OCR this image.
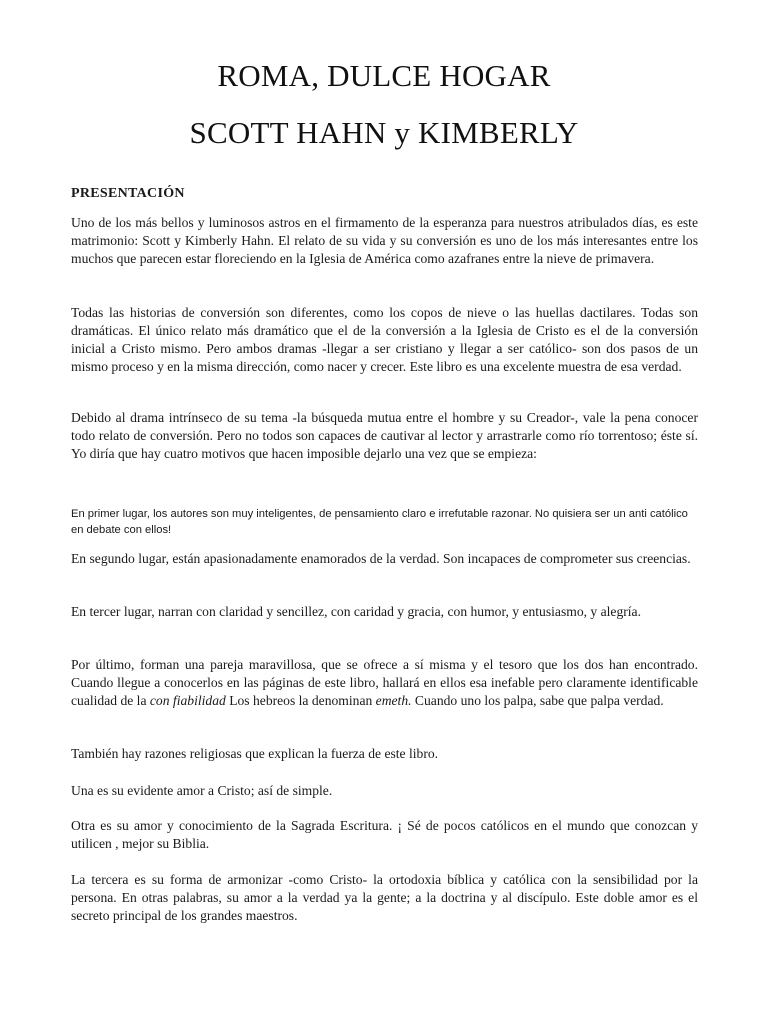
ROMA, DULCE HOGAR
SCOTT HAHN y KIMBERLY
PRESENTACIÓN

Uno de los más bellos y luminosos astros en el firmamento de la esperanza para nuestros atribulados días, es este matrimonio: Scott y Kimberly Hahn. El relato de su vida y su conversión es uno de los más interesantes entre los muchos que parecen estar floreciendo en la Iglesia de América como azafranes entre la nieve de primavera.

Todas las historias de conversión son diferentes, como los copos de nieve o las huellas dactilares. Todas son dramáticas. El único relato más dramático que el de la conversión a la Iglesia de Cristo es el de la conversión inicial a Cristo mismo. Pero ambos dramas -llegar a ser cristiano y llegar a ser católico- son dos pasos de un mismo proceso y en la misma dirección, como nacer y crecer. Este libro es una excelente muestra de esa verdad.

Debido al drama intrínseco de su tema -la búsqueda mutua entre el hombre y su Creador-, vale la pena conocer todo relato de conversión. Pero no todos son capaces de cautivar al lector y arrastrarle como río torrentoso; éste sí. Yo diría que hay cuatro motivos que hacen imposible dejarlo una vez que se empieza:

En primer lugar, los autores son muy inteligentes, de pensamiento claro e irrefutable razonar. No quisiera ser un anti católico en debate con ellos!

En segundo lugar, están apasionadamente enamorados de la verdad. Son incapaces de comprometer sus creencias.

En tercer lugar, narran con claridad y sencillez, con caridad y gracia, con humor, y entusiasmo, y alegría.

Por último, forman una pareja maravillosa, que se ofrece a sí misma y el tesoro que los dos han encontrado. Cuando llegue a conocerlos en las páginas de este libro, hallará en ellos esa inefable pero claramente identificable cualidad de la con fiabilidad Los hebreos la denominan emeth. Cuando uno los palpa, sabe que palpa verdad.

También hay razones religiosas que explican la fuerza de este libro.

Una es su evidente amor a Cristo; así de simple.

Otra es su amor y conocimiento de la Sagrada Escritura. ¡ Sé de pocos católicos en el mundo que conozcan y utilicen , mejor su Biblia.

La tercera es su forma de armonizar -como Cristo- la ortodoxia bíblica y católica con la sensibilidad por la persona. En otras palabras, su amor a la verdad ya la gente; a la doctrina y al discípulo. Este doble amor es el secreto principal de los grandes maestros.
